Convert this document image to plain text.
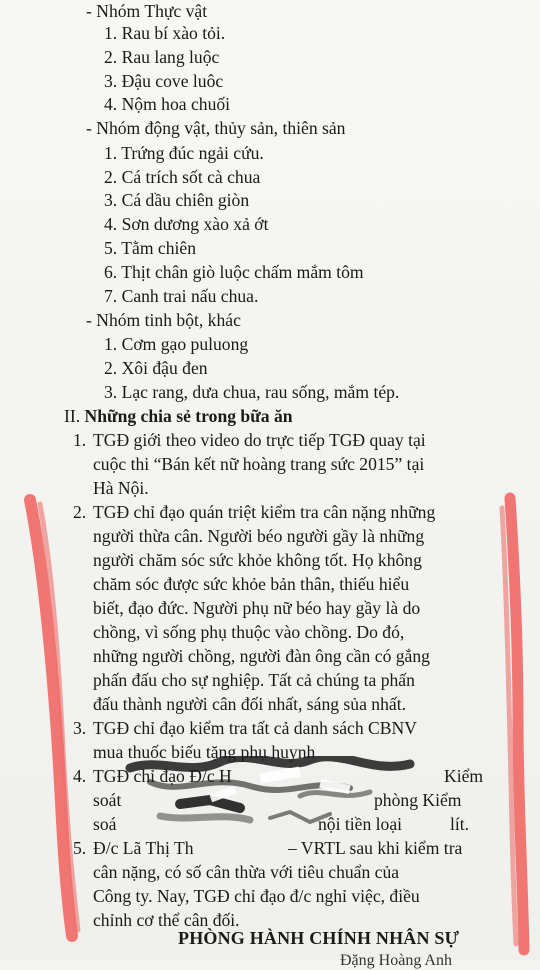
- Nhóm Thực vật
1. Rau bí xào tỏi.
2. Rau lang luộc
3. Đậu cove luôc
4. Nộm hoa chuối
- Nhóm động vật, thủy sản, thiên sản
1. Trứng đúc ngải cứu.
2. Cá trích sốt cà chua
3. Cá dầu chiên giòn
4. Sơn dương xào xả ớt
5. Tằm chiên
6. Thịt chân giò luộc chấm mắm tôm
7. Canh trai nấu chua.
- Nhóm tinh bột, khác
1. Cơm gạo puluong
2. Xôi đậu đen
3. Lạc rang, dưa chua, rau sống, mắm tép.
II. Những chia sẻ trong bữa ăn
1. TGĐ giới theo video do trực tiếp TGĐ quay tại
cuộc thi “Bán kết nữ hoàng trang sức 2015” tại
Hà Nội.
2. TGĐ chỉ đạo quán triệt kiểm tra cân nặng những
người thừa cân. Người béo người gầy là những
người chăm sóc sức khỏe không tốt. Họ không
chăm sóc được sức khỏe bản thân, thiếu hiểu
biết, đạo đức. Người phụ nữ béo hay gầy là do
chồng, vì sống phụ thuộc vào chồng. Do đó,
những người chồng, người đàn ông cần có gắng
phấn đấu cho sự nghiệp. Tất cả chúng ta phấn
đấu thành người cân đối nhất, sáng sủa nhất.
3. TGĐ chỉ đạo kiểm tra tất cả danh sách CBNV
mua thuốc biếu tặng phụ huynh
4. TGĐ chỉ đạo Đ/c H	Kiểm
soát	phòng Kiểm
soá	nội tiền loại	lít.
5. Đ/c Lã Thị Th	– VRTL sau khi kiểm tra
cân nặng, có số cân thừa với tiêu chuẩn của
Công ty. Nay, TGĐ chỉ đạo đ/c nghỉ việc, điều
chỉnh cơ thể cân đối.
PHÒNG HÀNH CHÍNH NHÂN SỰ
Đặng Hoàng Anh
